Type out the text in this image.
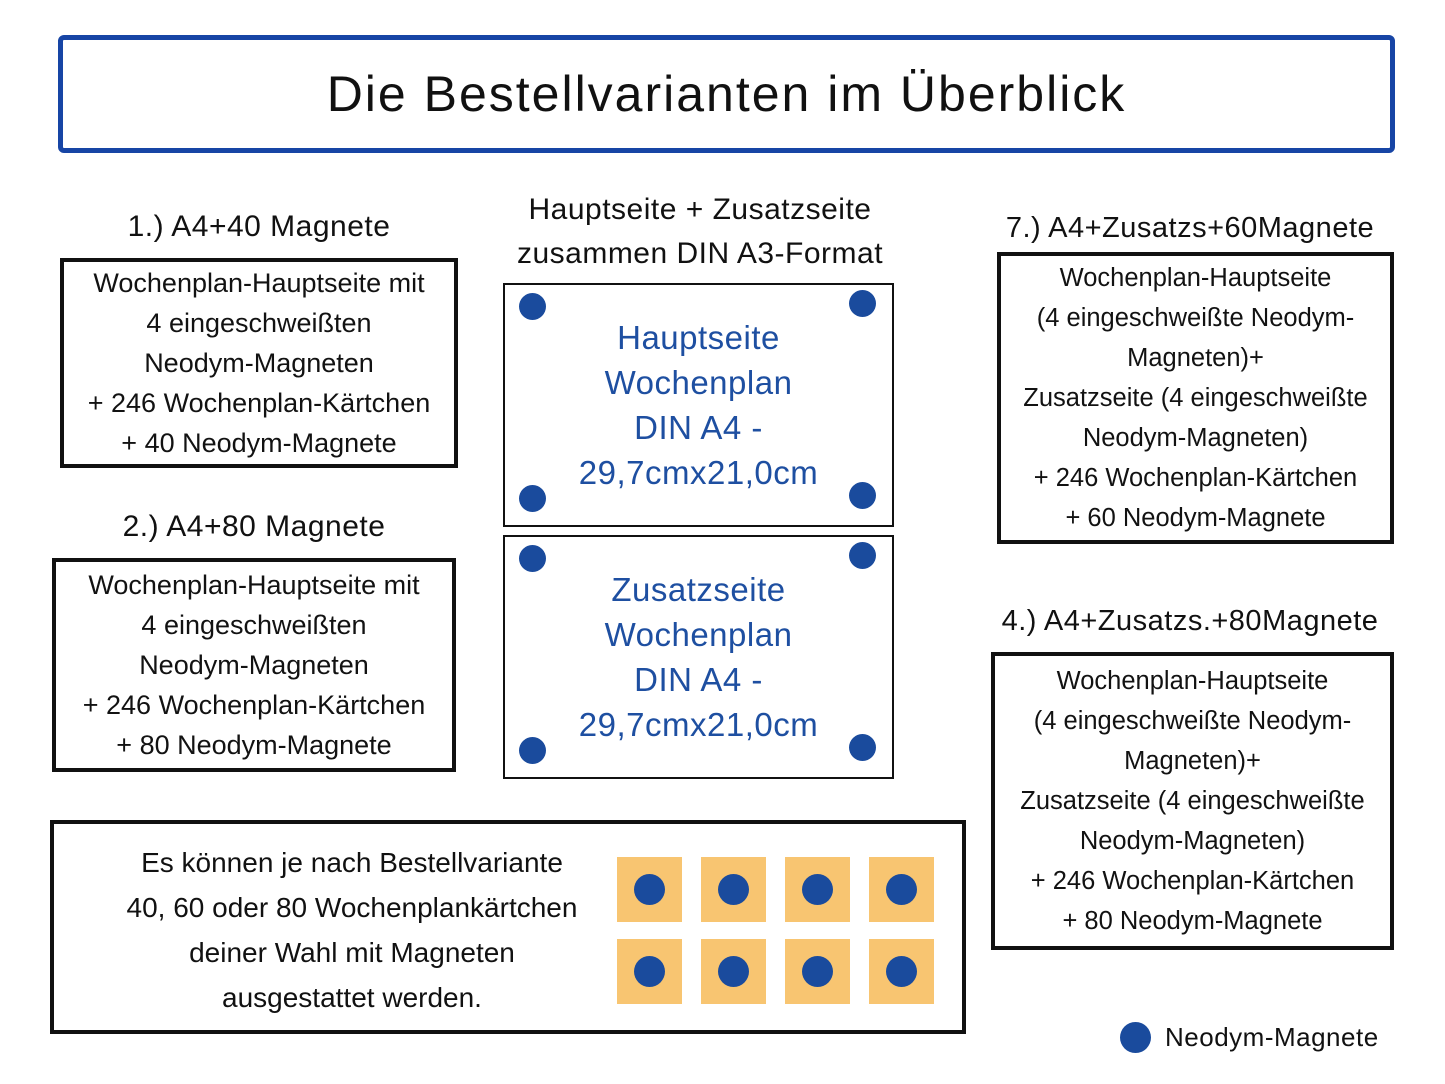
Die Bestellvarianten im Überblick
1.) A4+40 Magnete
Wochenplan-Hauptseite mit
4 eingeschweißten
Neodym-Magneten
+ 246 Wochenplan-Kärtchen
+ 40 Neodym-Magnete
2.) A4+80 Magnete
Wochenplan-Hauptseite mit
4 eingeschweißten
Neodym-Magneten
+ 246 Wochenplan-Kärtchen
+ 80 Neodym-Magnete
Hauptseite + Zusatzseite
zusammen DIN A3-Format
Hauptseite
Wochenplan
DIN A4 -
29,7cmx21,0cm
Zusatzseite
Wochenplan
DIN A4 -
29,7cmx21,0cm
7.) A4+Zusatzs+60Magnete
Wochenplan-Hauptseite
(4 eingeschweißte Neodym-
Magneten)+
Zusatzseite (4 eingeschweißte
Neodym-Magneten)
+ 246 Wochenplan-Kärtchen
+ 60 Neodym-Magnete
4.) A4+Zusatzs.+80Magnete
Wochenplan-Hauptseite
(4 eingeschweißte Neodym-
Magneten)+
Zusatzseite (4 eingeschweißte
Neodym-Magneten)
+ 246 Wochenplan-Kärtchen
+ 80 Neodym-Magnete
Es können je nach Bestellvariante
40, 60 oder 80 Wochenplankärtchen
deiner Wahl mit Magneten
ausgestattet werden.
Neodym-Magnete
